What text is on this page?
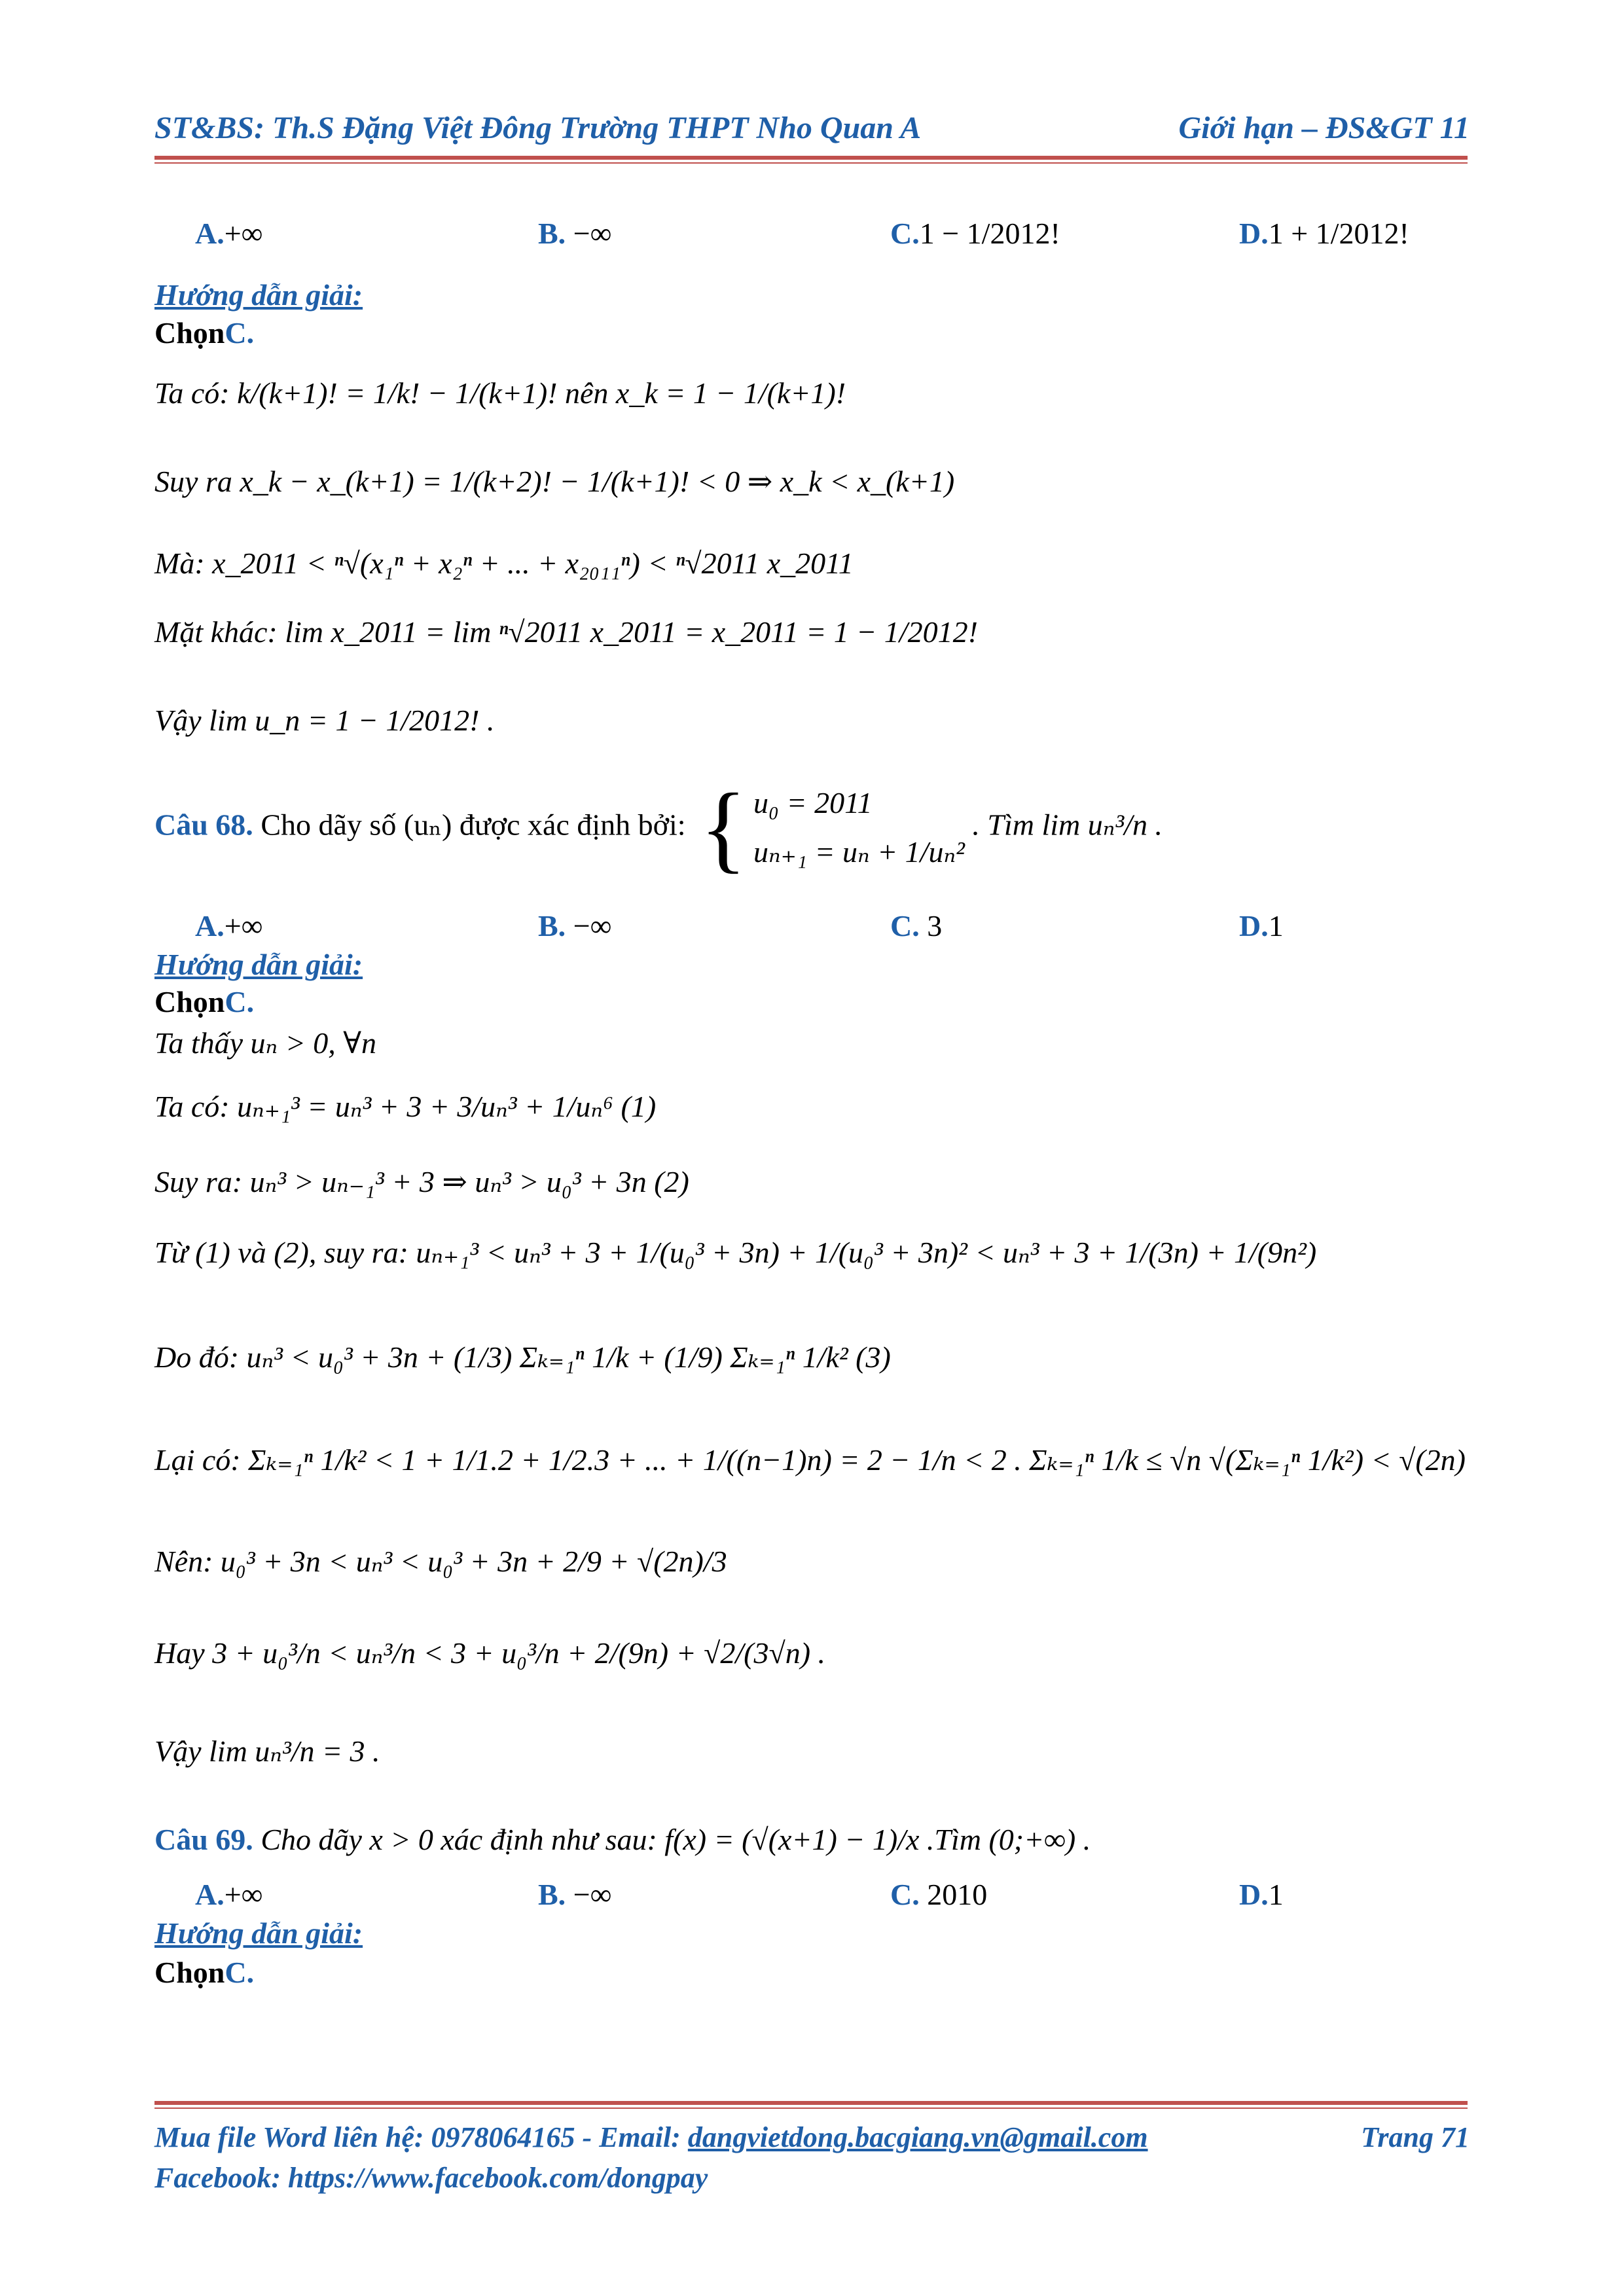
ST&BS: Th.S Đặng Việt Đông Trường THPT Nho Quan A	Giới hạn – ĐS&GT 11
A.+∞	B. −∞	C.1 − 1/2012!	D.1 + 1/2012!
Hướng dẫn giải:
ChọnC.
Ta có: k/(k+1)! = 1/k! − 1/(k+1)! nên x_k = 1 − 1/(k+1)!
Suy ra x_k − x_(k+1) = 1/(k+2)! − 1/(k+1)! < 0 ⇒ x_k < x_(k+1)
Mà: x_2011 < ⁿ√(x₁ⁿ + x₂ⁿ + ... + x₂₀₁₁ⁿ) < ⁿ√2011 x_2011
Mặt khác: lim x_2011 = lim ⁿ√2011 x_2011 = x_2011 = 1 − 1/2012!
Vậy lim u_n = 1 − 1/2012! .
Câu 68. Cho dãy số (uₙ) được xác định bởi: { u₀ = 2011
uₙ₊₁ = uₙ + 1/uₙ²
. Tìm lim uₙ³/n .
A.+∞	B. −∞	C. 3	D.1
Hướng dẫn giải:
ChọnC.
Ta thấy uₙ > 0, ∀n
Ta có: uₙ₊₁³ = uₙ³ + 3 + 3/uₙ³ + 1/uₙ⁶ (1)
Suy ra: uₙ³ > uₙ₋₁³ + 3 ⇒ uₙ³ > u₀³ + 3n (2)
Từ (1) và (2), suy ra: uₙ₊₁³ < uₙ³ + 3 + 1/(u₀³ + 3n) + 1/(u₀³ + 3n)² < uₙ³ + 3 + 1/(3n) + 1/(9n²)
Do đó: uₙ³ < u₀³ + 3n + (1/3) Σₖ₌₁ⁿ 1/k + (1/9) Σₖ₌₁ⁿ 1/k² (3)
Lại có: Σₖ₌₁ⁿ 1/k² < 1 + 1/1.2 + 1/2.3 + ... + 1/((n−1)n) = 2 − 1/n < 2 . Σₖ₌₁ⁿ 1/k ≤ √n √(Σₖ₌₁ⁿ 1/k²) < √(2n)
Nên: u₀³ + 3n < uₙ³ < u₀³ + 3n + 2/9 + √(2n)/3
Hay 3 + u₀³/n < uₙ³/n < 3 + u₀³/n + 2/(9n) + √2/(3√n) .
Vậy lim uₙ³/n = 3 .
Câu 69. Cho dãy x > 0 xác định như sau: f(x) = (√(x+1) − 1)/x .Tìm (0;+∞) .
A.+∞	B. −∞	C. 2010	D.1
Hướng dẫn giải:
ChọnC.
Mua file Word liên hệ: 0978064165 - Email: dangvietdong.bacgiang.vn@gmail.com	Trang 71
Facebook: https://www.facebook.com/dongpay
